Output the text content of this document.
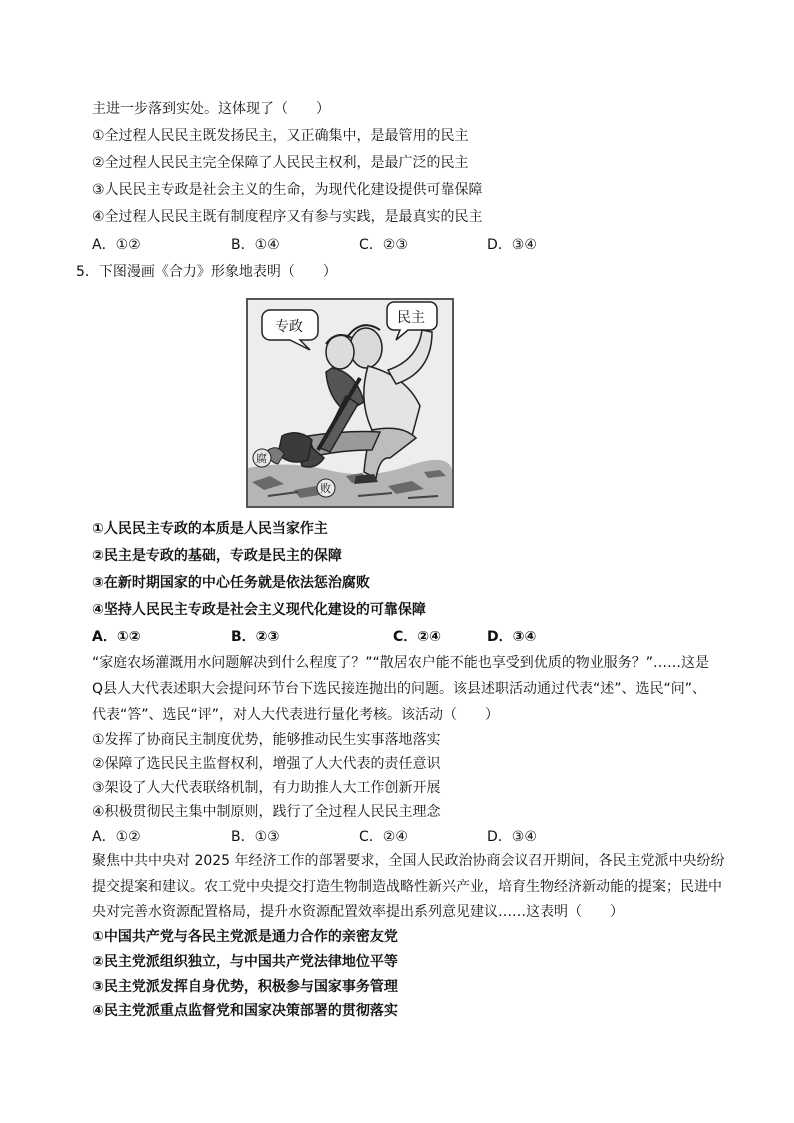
主进一步落到实处。这体现了（　　）
①全过程人民民主既发扬民主，又正确集中，是最管用的民主
②全过程人民民主完全保障了人民民主权利，是最广泛的民主
③人民民主专政是社会主义的生命，为现代化建设提供可靠保障
④全过程人民民主既有制度程序又有参与实践，是最真实的民主
A．①②	B．①④	C．②③	D．③④
5．下图漫画《合力》形象地表明（　　）
专政
民主
腐
败
①人民民主专政的本质是人民当家作主
②民主是专政的基础，专政是民主的保障
③在新时期国家的中心任务就是依法惩治腐败
④坚持人民民主专政是社会主义现代化建设的可靠保障
A．①②	B．②③	C．②④	D．③④
“家庭农场灌溉用水问题解决到什么程度了？”“散居农户能不能也享受到优质的物业服务？”……这是
Q县人大代表述职大会提问环节台下选民接连抛出的问题。该县述职活动通过代表“述”、选民“问”、
代表“答”、选民“评”，对人大代表进行量化考核。该活动（　　）
①发挥了协商民主制度优势，能够推动民生实事落地落实
②保障了选民民主监督权利，增强了人大代表的责任意识
③架设了人大代表联络机制，有力助推人大工作创新开展
④积极贯彻民主集中制原则，践行了全过程人民民主理念
A．①②	B．①③	C．②④	D．③④
聚焦中共中央对 2025 年经济工作的部署要求，全国人民政治协商会议召开期间，各民主党派中央纷纷
提交提案和建议。农工党中央提交打造生物制造战略性新兴产业，培育生物经济新动能的提案；民进中
央对完善水资源配置格局，提升水资源配置效率提出系列意见建议……这表明（　　）
①中国共产党与各民主党派是通力合作的亲密友党
②民主党派组织独立，与中国共产党法律地位平等
③民主党派发挥自身优势，积极参与国家事务管理
④民主党派重点监督党和国家决策部署的贯彻落实
